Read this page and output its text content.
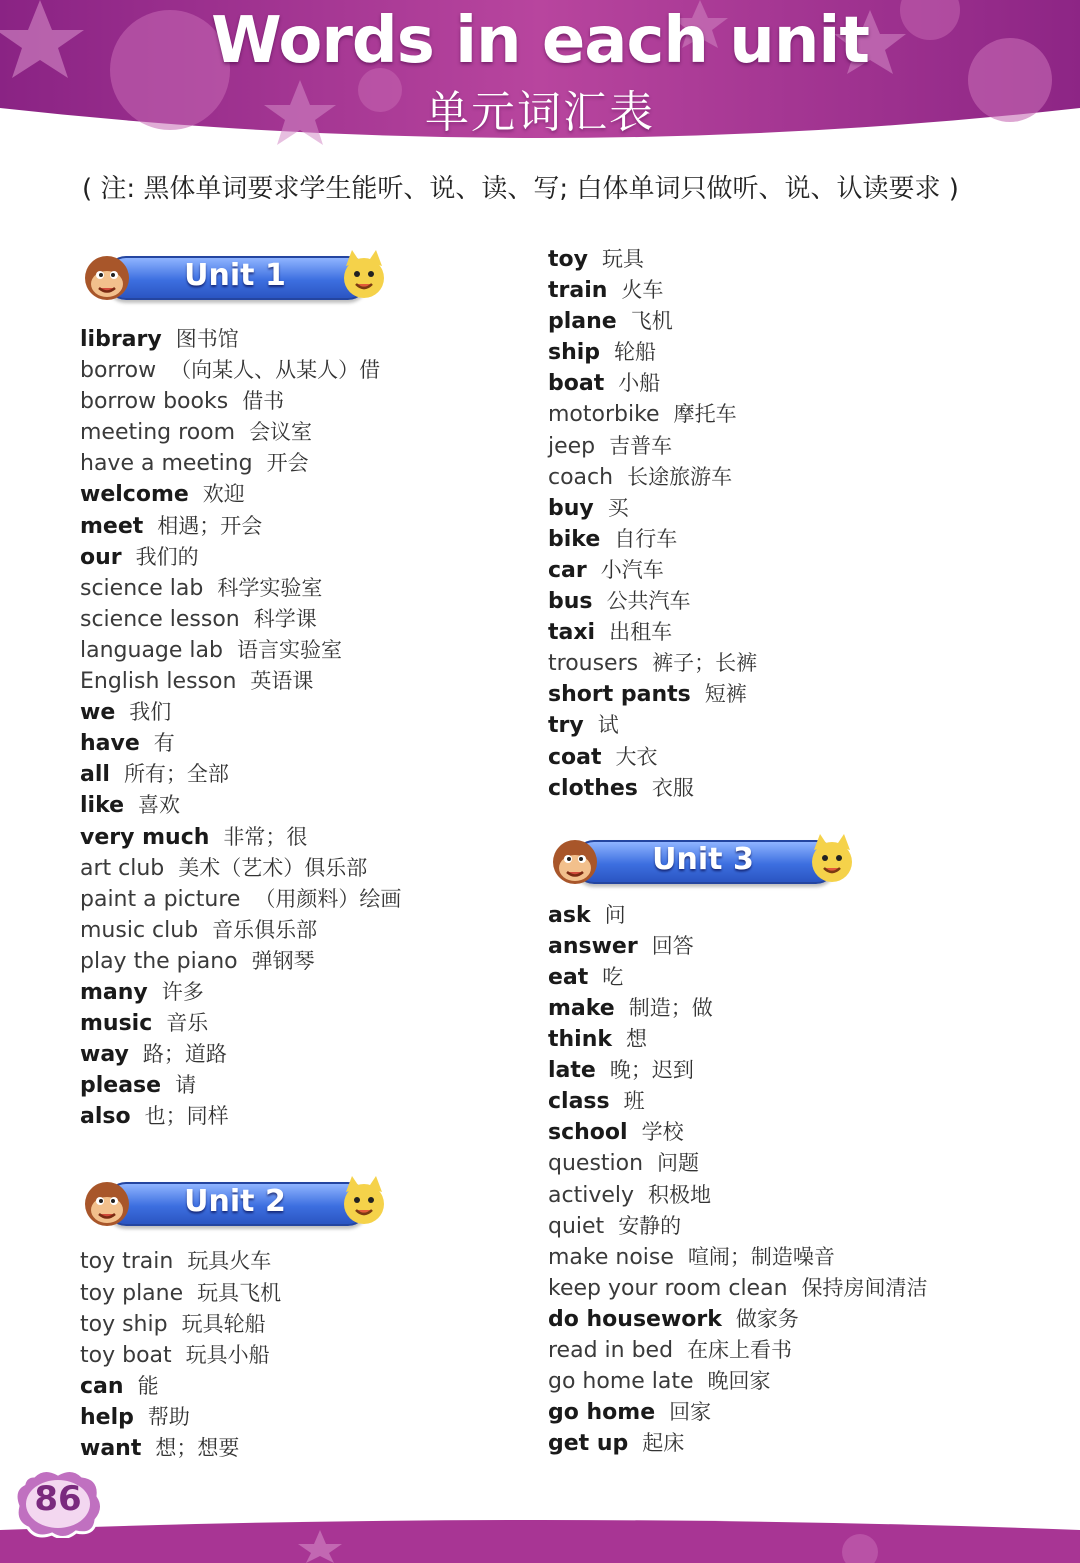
Words in each unit
单元词汇表
( 注: 黑体单词要求学生能听、说、读、写; 白体单词只做听、说、认读要求 )
Unit 1
library 图书馆
borrow （向某人、从某人）借
borrow books 借书
meeting room 会议室
have a meeting 开会
welcome 欢迎
meet 相遇；开会
our 我们的
science lab 科学实验室
science lesson 科学课
language lab 语言实验室
English lesson 英语课
we 我们
have 有
all 所有；全部
like 喜欢
very much 非常；很
art club 美术（艺术）俱乐部
paint a picture （用颜料）绘画
music club 音乐俱乐部
play the piano 弹钢琴
many 许多
music 音乐
way 路；道路
please 请
also 也；同样
Unit 2
toy train 玩具火车
toy plane 玩具飞机
toy ship 玩具轮船
toy boat 玩具小船
can 能
help 帮助
want 想；想要
toy 玩具
train 火车
plane 飞机
ship 轮船
boat 小船
motorbike 摩托车
jeep 吉普车
coach 长途旅游车
buy 买
bike 自行车
car 小汽车
bus 公共汽车
taxi 出租车
trousers 裤子；长裤
short pants 短裤
try 试
coat 大衣
clothes 衣服
Unit 3
ask 问
answer 回答
eat 吃
make 制造；做
think 想
late 晚；迟到
class 班
school 学校
question 问题
actively 积极地
quiet 安静的
make noise 喧闹；制造噪音
keep your room clean 保持房间清洁
do housework 做家务
read in bed 在床上看书
go home late 晚回家
go home 回家
get up 起床
86
